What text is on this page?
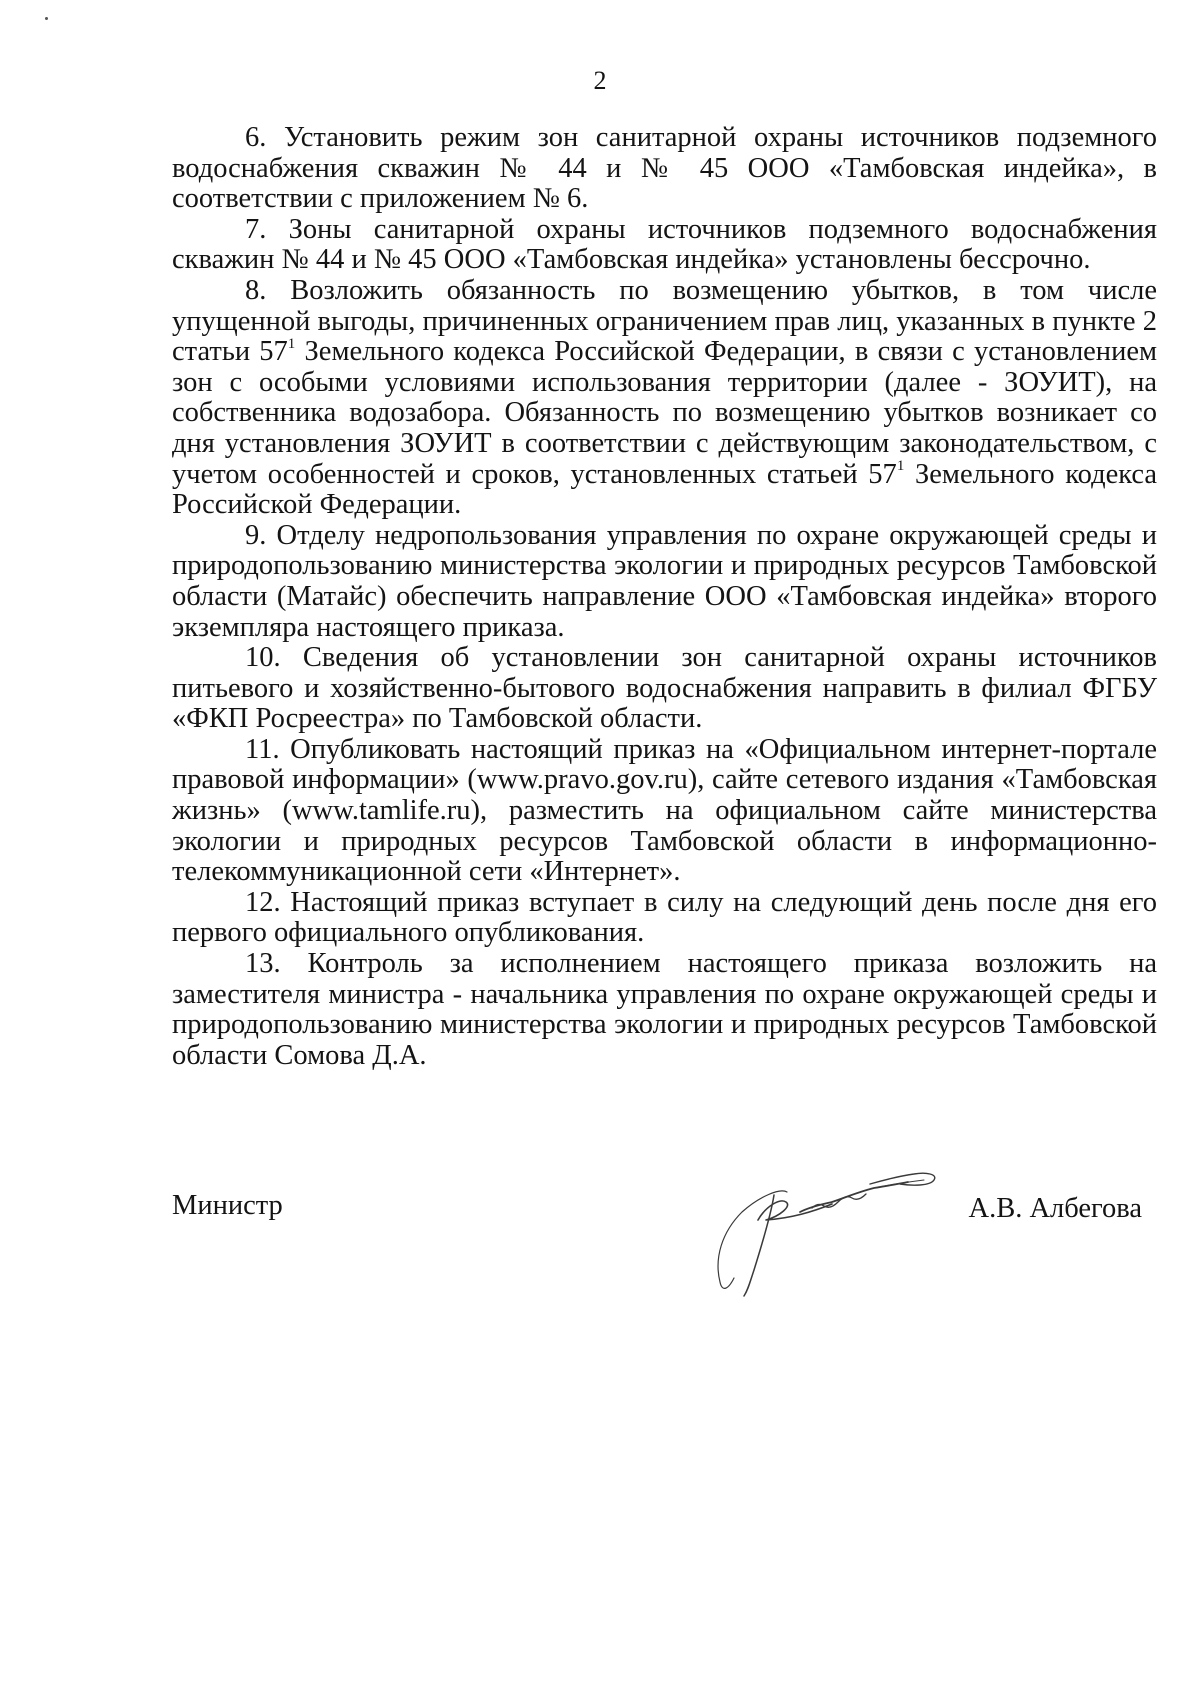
2

6. Установить режим зон санитарной охраны источников подземного водоснабжения скважин № 44 и № 45 ООО «Тамбовская индейка», в соответствии с приложением № 6.

7. Зоны санитарной охраны источников подземного водоснабжения скважин № 44 и № 45 ООО «Тамбовская индейка» установлены бессрочно.

8. Возложить обязанность по возмещению убытков, в том числе упущенной выгоды, причиненных ограничением прав лиц, указанных в пункте 2 статьи $57^1$ Земельного кодекса Российской Федерации, в связи с установлением зон с особыми условиями использования территории (далее - ЗОУИТ), на собственника водозабора. Обязанность по возмещению убытков возникает со дня установления ЗОУИТ в соответствии с действующим законодательством, с учетом особенностей и сроков, установленных статьей $57^1$ Земельного кодекса Российской Федерации.

9. Отделу недропользования управления по охране окружающей среды и природопользованию министерства экологии и природных ресурсов Тамбовской области (Матайс) обеспечить направление ООО «Тамбовская индейка» второго экземпляра настоящего приказа.

10. Сведения об установлении зон санитарной охраны источников питьевого и хозяйственно-бытового водоснабжения направить в филиал ФГБУ «ФКП Росреестра» по Тамбовской области.

11. Опубликовать настоящий приказ на «Официальном интернет-портале правовой информации» (www.pravo.gov.ru), сайте сетевого издания «Тамбовская жизнь» (www.tamlife.ru), разместить на официальном сайте министерства экологии и природных ресурсов Тамбовской области в информационно-телекоммуникационной сети «Интернет».

12. Настоящий приказ вступает в силу на следующий день после дня его первого официального опубликования.

13. Контроль за исполнением настоящего приказа возложить на заместителя министра - начальника управления по охране окружающей среды и природопользованию министерства экологии и природных ресурсов Тамбовской области Сомова Д.А.

Министр	А.В. Албегова
